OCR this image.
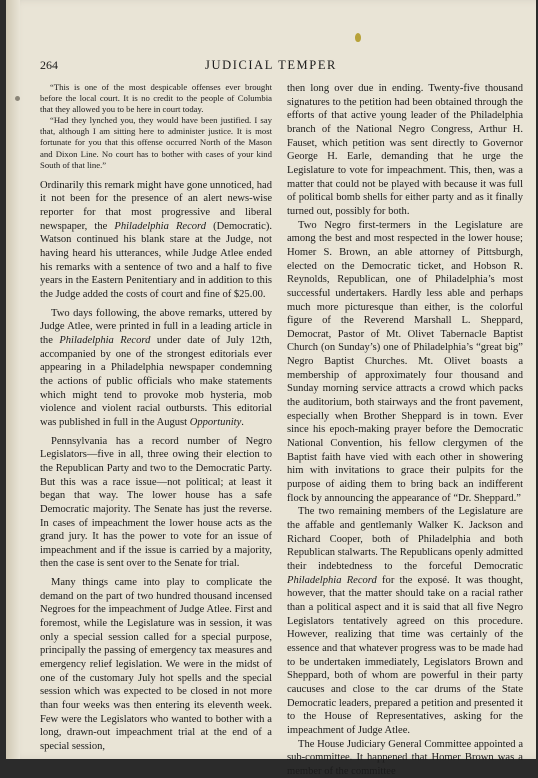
264	JUDICIAL TEMPER

“This is one of the most despicable offenses ever brought before the local court. It is no credit to the people of Columbia that they allowed you to be here in court today.

“Had they lynched you, they would have been justified. I say that, although I am sitting here to administer justice. It is most fortunate for you that this offense occurred North of the Mason and Dixon Line. No court has to bother with cases of your kind South of that line.”

Ordinarily this remark might have gone unnoticed, had it not been for the presence of an alert news-wise reporter for that most progressive and liberal newspaper, the Philadelphia Record (Democratic). Watson continued his blank stare at the Judge, not having heard his utterances, while Judge Atlee ended his remarks with a sentence of two and a half to five years in the Eastern Penitentiary and in addition to this the Judge added the costs of court and fine of $25.00.

Two days following, the above remarks, uttered by Judge Atlee, were printed in full in a leading article in the Philadelphia Record under date of July 12th, accompanied by one of the strongest editorials ever appearing in a Philadelphia newspaper condemning the actions of public officials who make statements which might tend to provoke mob hysteria, mob violence and violent racial outbursts. This editorial was published in full in the August Opportunity.

Pennsylvania has a record number of Negro Legislators—five in all, three owing their election to the Republican Party and two to the Democratic Party. But this was a race issue—not political; at least it began that way. The lower house has a safe Democratic majority. The Senate has just the reverse. In cases of impeachment the lower house acts as the grand jury. It has the power to vote for an issue of impeachment and if the issue is carried by a majority, then the case is sent over to the Senate for trial.

Many things came into play to complicate the demand on the part of two hundred thousand incensed Negroes for the impeachment of Judge Atlee. First and foremost, while the Legislature was in session, it was only a special session called for a special purpose, principally the passing of emergency tax measures and emergency relief legislation. We were in the midst of one of the customary July hot spells and the special session which was expected to be closed in not more than four weeks was then entering its eleventh week. Few were the Legislators who wanted to bother with a long, drawn-out impeachment trial at the end of a special session,

then long over due in ending. Twenty-five thousand signatures to the petition had been obtained through the efforts of that active young leader of the Philadelphia branch of the National Negro Congress, Arthur H. Fauset, which petition was sent directly to Governor George H. Earle, demanding that he urge the Legislature to vote for impeachment. This, then, was a matter that could not be played with because it was full of political bomb shells for either party and as it finally turned out, possibly for both.

Two Negro first-termers in the Legislature are among the best and most respected in the lower house; Homer S. Brown, an able attorney of Pittsburgh, elected on the Democratic ticket, and Hobson R. Reynolds, Republican, one of Philadelphia’s most successful undertakers. Hardly less able and perhaps much more picturesque than either, is the colorful figure of the Reverend Marshall L. Sheppard, Democrat, Pastor of Mt. Olivet Tabernacle Baptist Church (on Sunday’s) one of Philadelphia’s “great big” Negro Baptist Churches. Mt. Olivet boasts a membership of approximately four thousand and Sunday morning service attracts a crowd which packs the auditorium, both stairways and the front pavement, especially when Brother Sheppard is in town. Ever since his epoch-making prayer before the Democratic National Convention, his fellow clergymen of the Baptist faith have vied with each other in showering him with invitations to grace their pulpits for the purpose of aiding them to bring back an indifferent flock by announcing the appearance of “Dr. Sheppard.”

The two remaining members of the Legislature are the affable and gentlemanly Walker K. Jackson and Richard Cooper, both of Philadelphia and both Republican stalwarts. The Republicans openly admitted their indebtedness to the forceful Democratic Philadelphia Record for the exposé. It was thought, however, that the matter should take on a racial rather than a political aspect and it is said that all five Negro Legislators tentatively agreed on this procedure. However, realizing that time was certainly of the essence and that whatever progress was to be made had to be undertaken immediately, Legislators Brown and Sheppard, both of whom are powerful in their party caucuses and close to the car drums of the State Democratic leaders, prepared a petition and presented it to the House of Representatives, asking for the impeachment of Judge Atlee.

The House Judiciary General Committee appointed a sub-committee. It happened that Homer Brown was a member of the committee
